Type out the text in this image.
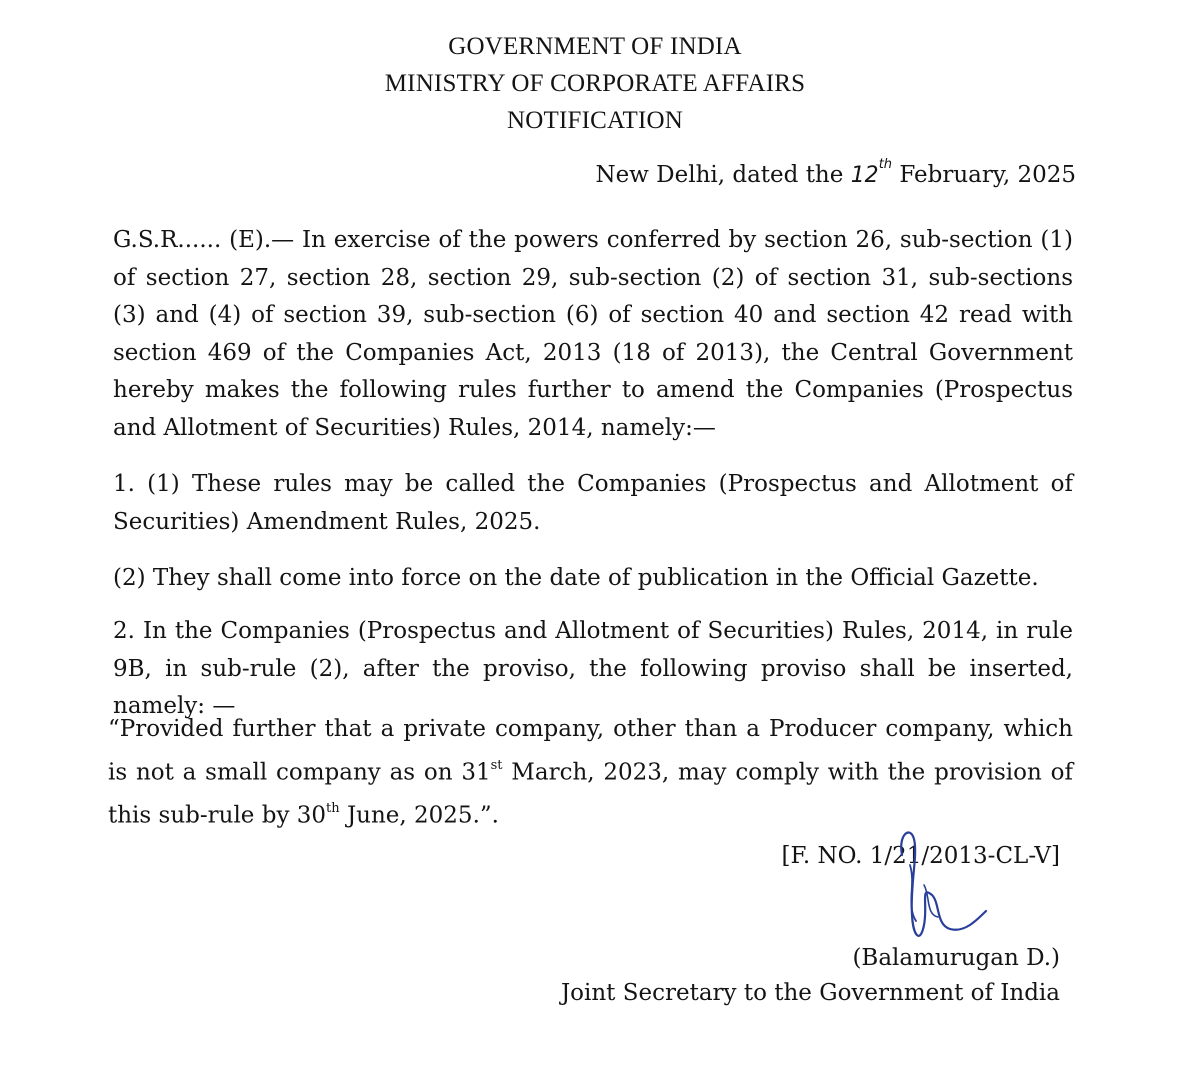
GOVERNMENT OF INDIA
MINISTRY OF CORPORATE AFFAIRS
NOTIFICATION
New Delhi, dated the 12th February, 2025
G.S.R...... (E).— In exercise of the powers conferred by section 26, sub-section (1) of section 27, section 28, section 29, sub-section (2) of section 31, sub-sections (3) and (4) of section 39, sub-section (6) of section 40 and section 42 read with section 469 of the Companies Act, 2013 (18 of 2013), the Central Government hereby makes the following rules further to amend the Companies (Prospectus and Allotment of Securities) Rules, 2014, namely:—
1. (1) These rules may be called the Companies (Prospectus and Allotment of Securities) Amendment Rules, 2025.
(2) They shall come into force on the date of publication in the Official Gazette.
2. In the Companies (Prospectus and Allotment of Securities) Rules, 2014, in rule 9B, in sub-rule (2), after the proviso, the following proviso shall be inserted, namely: —
“Provided further that a private company, other than a Producer company, which is not a small company as on 31st March, 2023, may comply with the provision of this sub-rule by 30th June, 2025.”.
[F. NO. 1/21/2013-CL-V]
(Balamurugan D.)
Joint Secretary to the Government of India
